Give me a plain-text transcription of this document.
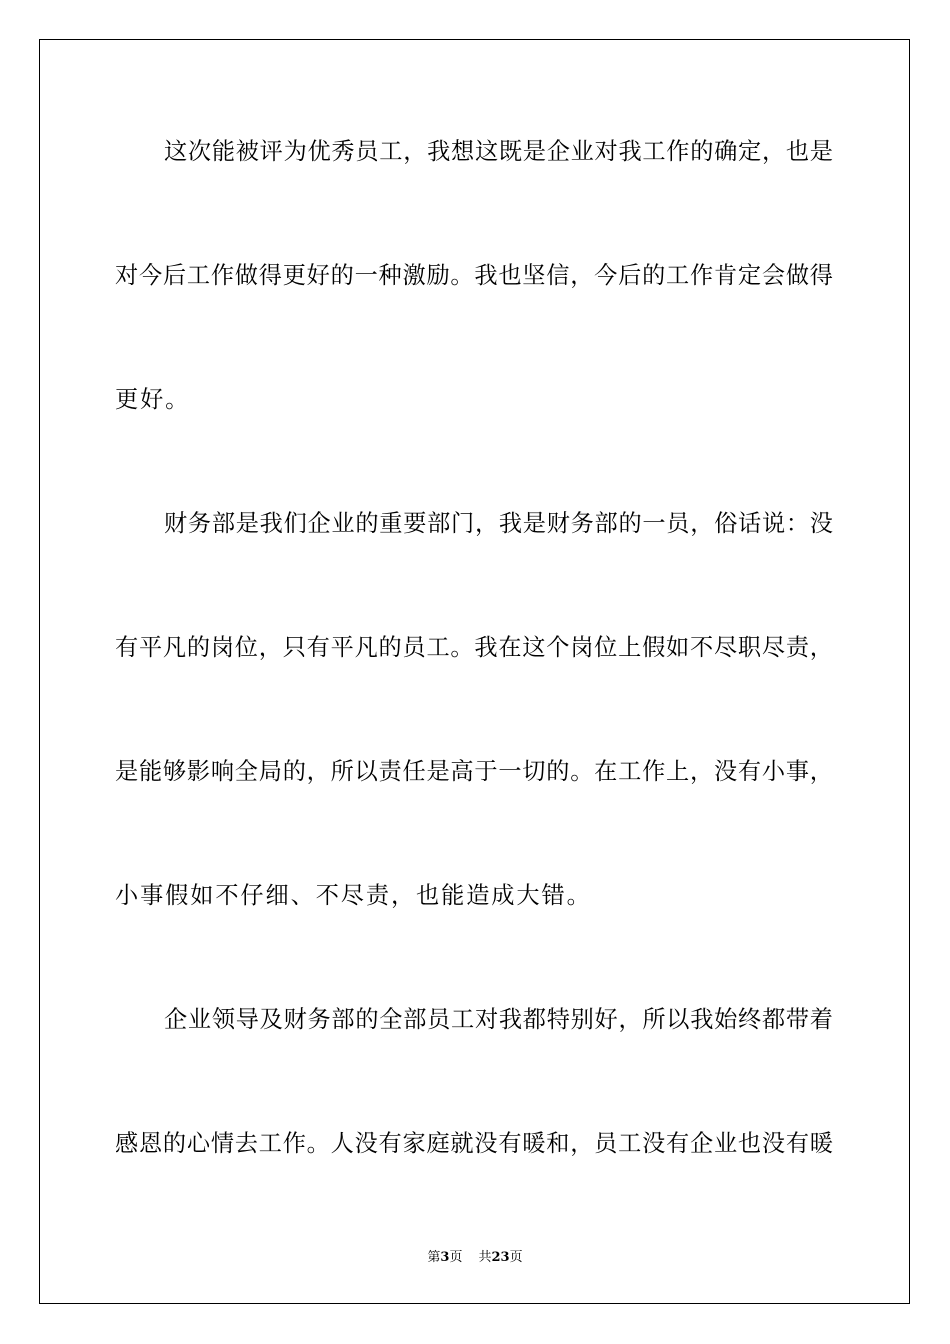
这次能被评为优秀员工，我想这既是企业对我工作的确定，也是
对今后工作做得更好的一种激励。我也坚信，今后的工作肯定会做得
更好。
财务部是我们企业的重要部门，我是财务部的一员，俗话说：没
有平凡的岗位，只有平凡的员工。我在这个岗位上假如不尽职尽责，
是能够影响全局的，所以责任是高于一切的。在工作上，没有小事，
小事假如不仔细、不尽责，也能造成大错。
企业领导及财务部的全部员工对我都特别好，所以我始终都带着
感恩的心情去工作。人没有家庭就没有暖和，员工没有企业也没有暖
第3页 共23页
